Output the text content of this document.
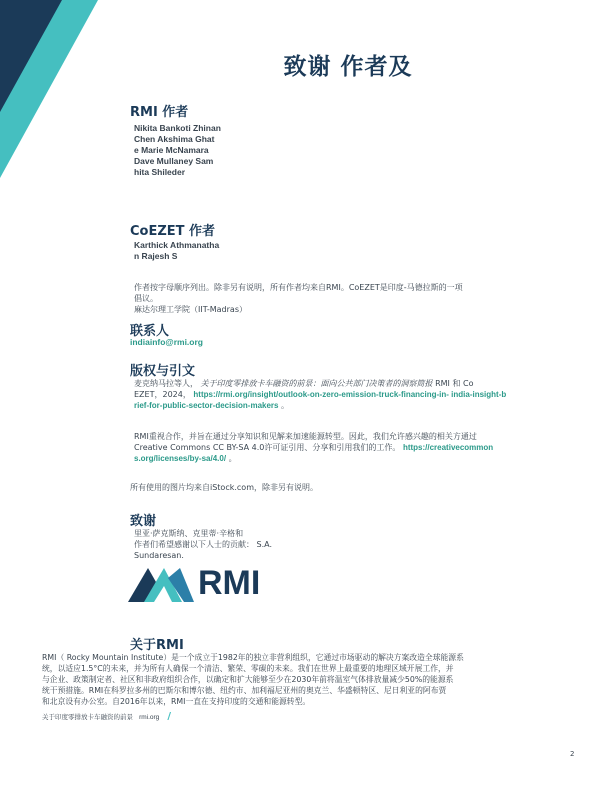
致谢 作者及
RMI 作者
Nikita Bankoti Zhinan
Chen Akshima Ghat
e Marie McNamara
Dave Mullaney Sam
hita Shileder
CoEZET 作者
Karthick Athmanatha
n Rajesh S
作者按字母顺序列出。除非另有说明，所有作者均来自RMI。CoEZET是印度-马德拉斯的一项
倡议。
麻达尔理工学院（IIT-Madras）
联系人
indiainfo@rmi.org
版权与引文
麦克纳马拉等人， 关于印度零排放卡车融资的前景：面向公共部门决策者的洞察简报 RMI 和 Co
EZET，2024， https://rmi.org/insight/outlook-on-zero-emission-truck-financing-in- india-insight-b
rief-for-public-sector-decision-makers 。
RMI重视合作，并旨在通过分享知识和见解来加速能源转型。因此，我们允许感兴趣的相关方通过
Creative Commons CC BY-SA 4.0许可证引用、分享和引用我们的工作。 https://creativecommon
s.org/licenses/by-sa/4.0/ 。
所有使用的图片均来自iStock.com，除非另有说明。
致谢
里亚·萨克斯纳、克里蒂·辛格和
作者们希望感谢以下人士的贡献： S.A.
Sundaresan.
RMI
关于RMI
RMI（ Rocky Mountain Institute）是一个成立于1982年的独立非营利组织，它通过市场驱动的解决方案改造全球能源系
统，以适应1.5°C的未来，并为所有人确保一个清洁、繁荣、零碳的未来。我们在世界上最重要的地理区域开展工作，并
与企业、政策制定者、社区和非政府组织合作，以确定和扩大能够至少在2030年前将温室气体排放量减少50%的能源系
统干预措施。RMI在科罗拉多州的巴斯尔和博尔德、纽约市、加利福尼亚州的奥克兰、华盛顿特区、尼日利亚的阿布贾
和北京设有办公室。自2016年以来，RMI一直在支持印度的交通和能源转型。
关于印度零排放卡车融资的前景 rmi.org /
2
